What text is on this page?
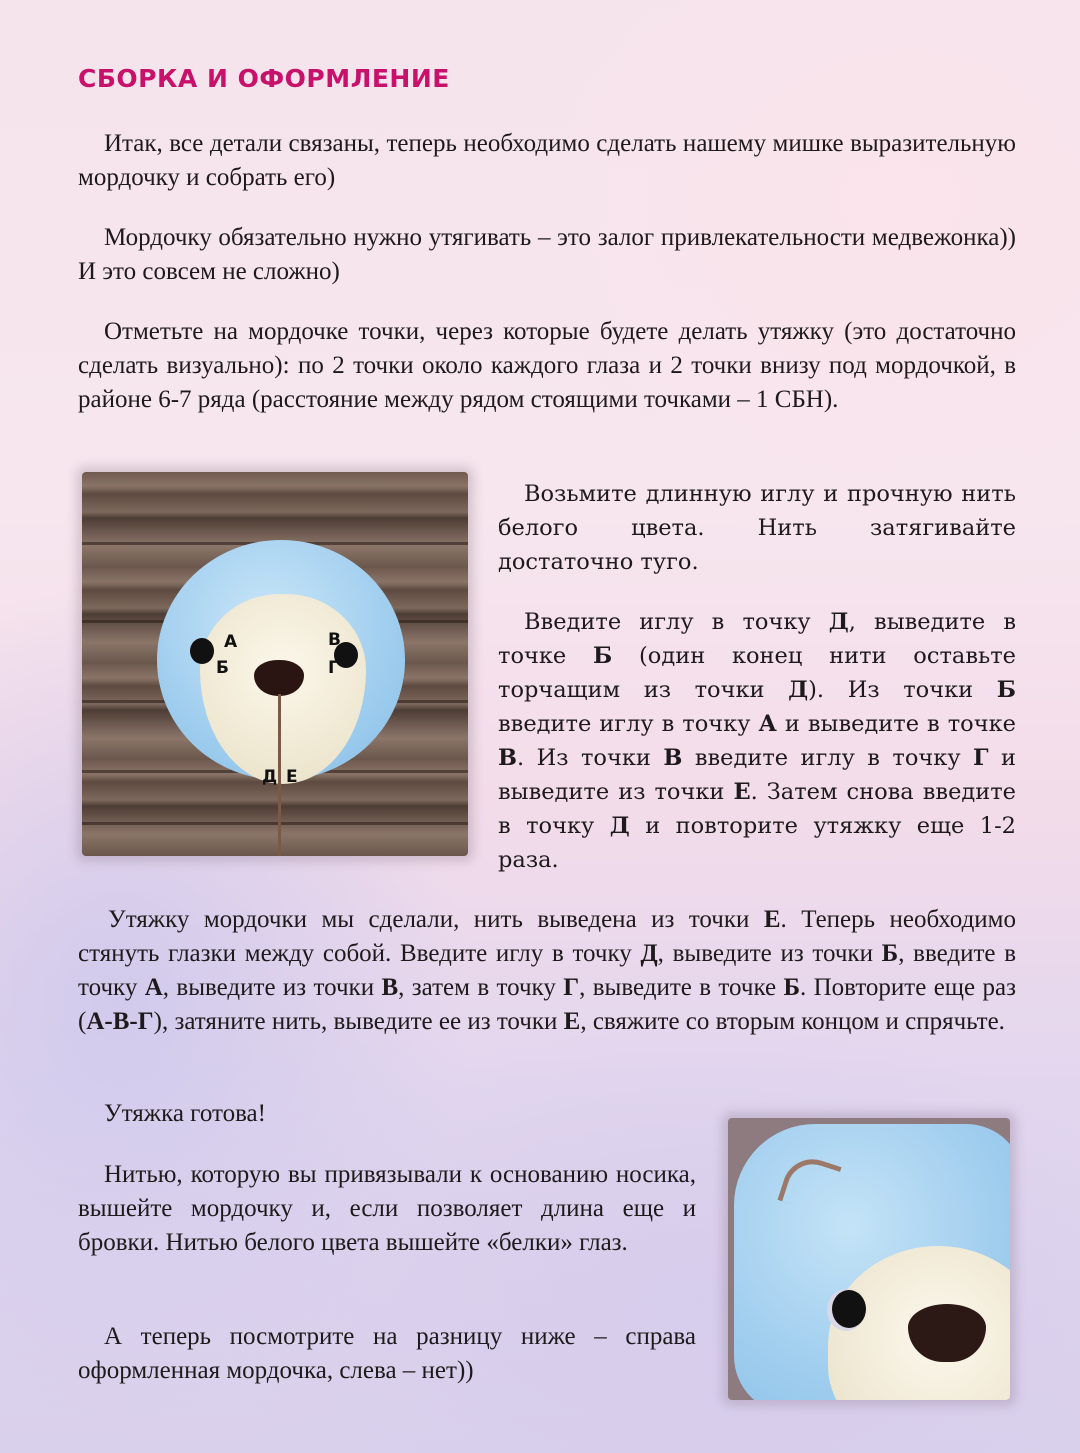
СБОРКА И ОФОРМЛЕНИЕ

Итак, все детали связаны, теперь необходимо сделать нашему мишке выразительную мордочку и собрать его)

Мордочку обязательно нужно утягивать – это залог привлекательности медвежонка)) И это совсем не сложно)

Отметьте на мордочке точки, через которые будете делать утяжку (это достаточно сделать визуально): по 2 точки около каждого глаза и 2 точки внизу под мордочкой, в районе 6-7 ряда (расстояние между рядом стоящими точками – 1 СБН).

А
Б
В
Г
Д Е

Возьмите длинную иглу и прочную нить белого цвета. Нить затягивайте достаточно туго.

Введите иглу в точку Д, выведите в точке Б (один конец нити оставьте торчащим из точки Д). Из точки Б введите иглу в точку А и выведите в точке В. Из точки В введите иглу в точку Г и выведите из точки Е. Затем снова введите в точку Д и повторите утяжку еще 1-2 раза.

Утяжку мордочки мы сделали, нить выведена из точки Е. Теперь необходимо стянуть глазки между собой. Введите иглу в точку Д, выведите из точки Б, введите в точку А, выведите из точки В, затем в точку Г, выведите в точке Б. Повторите еще раз (А-В-Г), затяните нить, выведите ее из точки Е, свяжите со вторым концом и спрячьте.

Утяжка готова!

Нитью, которую вы привязывали к основанию носика, вышейте мордочку и, если позволяет длина еще и бровки. Нитью белого цвета вышейте «белки» глаз.

А теперь посмотрите на разницу ниже – справа оформленная мордочка, слева – нет))
